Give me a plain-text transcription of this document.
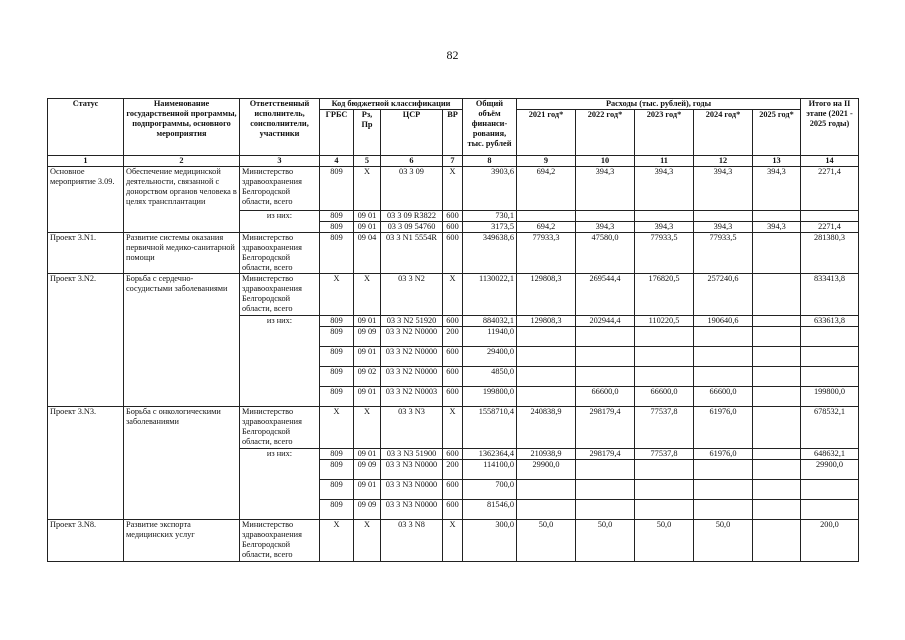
82
Статус	Наименование государственной программы, подпрограммы, основного мероприятия	Ответственный исполнитель, соисполнители, участники	Код бюджетной классификации				Общий объём финанси-рования, тыс. рублей	Расходы (тыс. рублей), годы					Итого на II этапе (2021 - 2025 годы)
			ГРБС	Рз, Пр	ЦСР	ВР		2021 год*	2022 год*	2023 год*	2024 год*	2025 год*	
1	2	3	4	5	6	7	8	9	10	11	12	13	14
Основное мероприятие 3.09.	Обеспечение медицинской деятельности, связанной с донорством органов человека в целях трансплантации	Министерство здравоохранения Белгородской области, всего	809	X	03 3 09	X	3903,6	694,2	394,3	394,3	394,3	394,3	2271,4
		из них:	809	09 01	03 3 09 R3822	600	730,1						
			809	09 01	03 3 09 54760	600	3173,5	694,2	394,3	394,3	394,3	394,3	2271,4
Проект 3.N1.	Развитие системы оказания первичной медико-санитарной помощи	Министерство здравоохранения Белгородской области, всего	809	09 04	03 3 N1 5554R	600	349638,6	77933,3	47580,0	77933,5	77933,5		281380,3
Проект 3.N2.	Борьба с сердечно-сосудистыми заболеваниями	Министерство здравоохранения Белгородской области, всего	X	X	03 3 N2	X	1130022,1	129808,3	269544,4	176820,5	257240,6		833413,8
		из них:	809	09 01	03 3 N2 51920	600	884032,1	129808,3	202944,4	110220,5	190640,6		633613,8
			809	09 09	03 3 N2 N0000	200	11940,0						
			809	09 01	03 3 N2 N0000	600	29400,0						
			809	09 02	03 3 N2 N0000	600	4850,0						
			809	09 01	03 3 N2 N0003	600	199800,0		66600,0	66600,0	66600,0		199800,0
Проект 3.N3.	Борьба с онкологическими заболеваниями	Министерство здравоохранения Белгородской области, всего	X	X	03 3 N3	X	1558710,4	240838,9	298179,4	77537,8	61976,0		678532,1
		из них:	809	09 01	03 3 N3 51900	600	1362364,4	210938,9	298179,4	77537,8	61976,0		648632,1
			809	09 09	03 3 N3 N0000	200	114100,0	29900,0					29900,0
			809	09 01	03 3 N3 N0000	600	700,0						
			809	09 09	03 3 N3 N0000	600	81546,0						
Проект 3.N8.	Развитие экспорта медицинских услуг	Министерство здравоохранения Белгородской области, всего	X	X	03 3 N8	X	300,0	50,0	50,0	50,0	50,0		200,0
